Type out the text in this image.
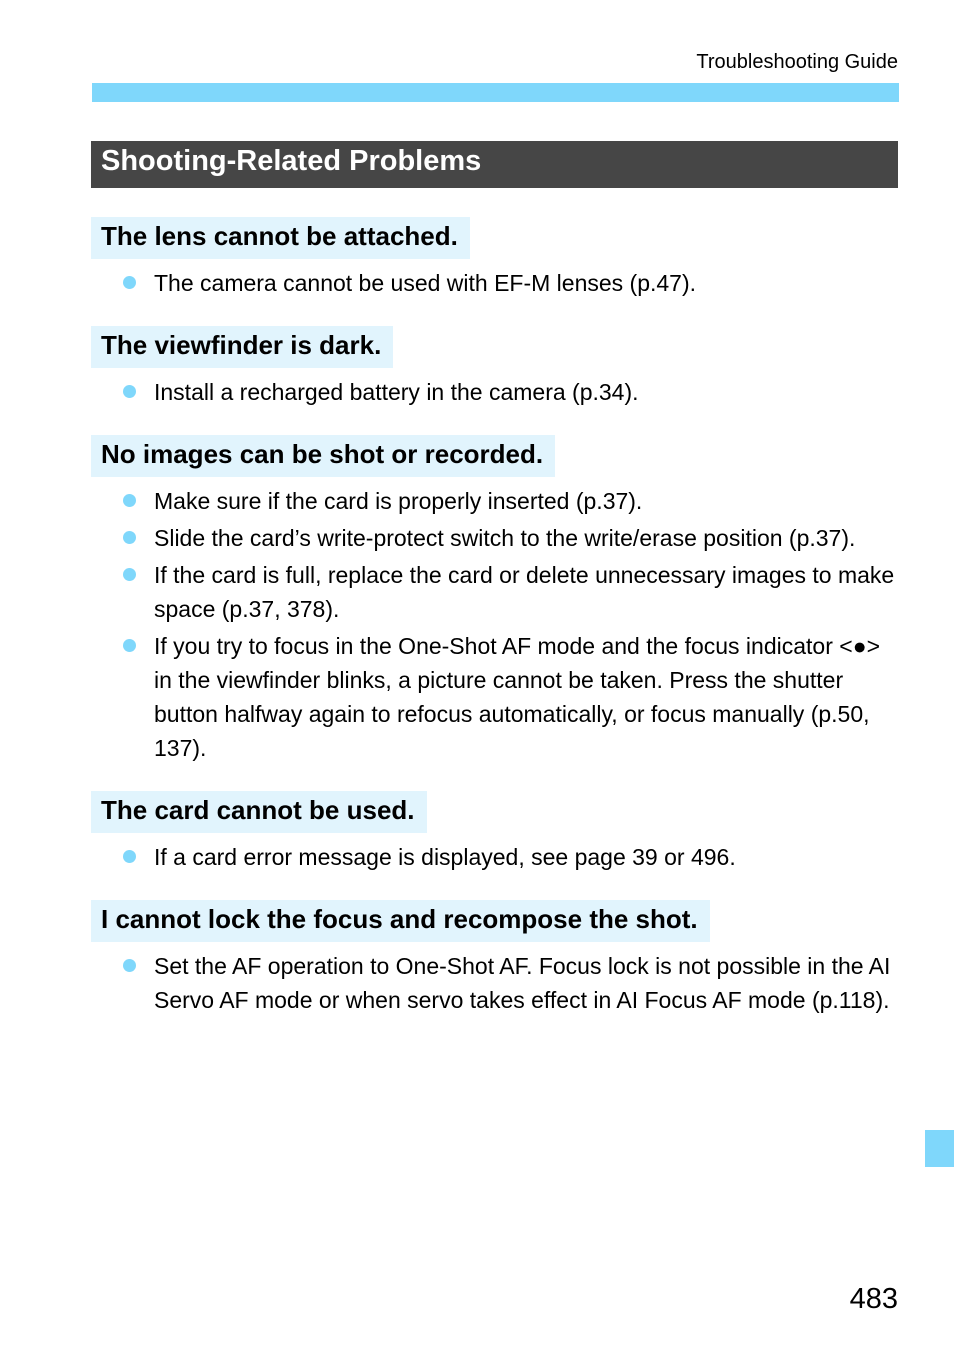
Troubleshooting Guide
Shooting-Related Problems
The lens cannot be attached.
The camera cannot be used with EF-M lenses (p.47).
The viewfinder is dark.
Install a recharged battery in the camera (p.34).
No images can be shot or recorded.
Make sure if the card is properly inserted (p.37).
Slide the card’s write-protect switch to the write/erase position (p.37).
If the card is full, replace the card or delete unnecessary images to make space (p.37, 378).
If you try to focus in the One-Shot AF mode and the focus indicator <●> in the viewfinder blinks, a picture cannot be taken. Press the shutter button halfway again to refocus automatically, or focus manually (p.50, 137).
The card cannot be used.
If a card error message is displayed, see page 39 or 496.
I cannot lock the focus and recompose the shot.
Set the AF operation to One-Shot AF. Focus lock is not possible in the AI Servo AF mode or when servo takes effect in AI Focus AF mode (p.118).
483
